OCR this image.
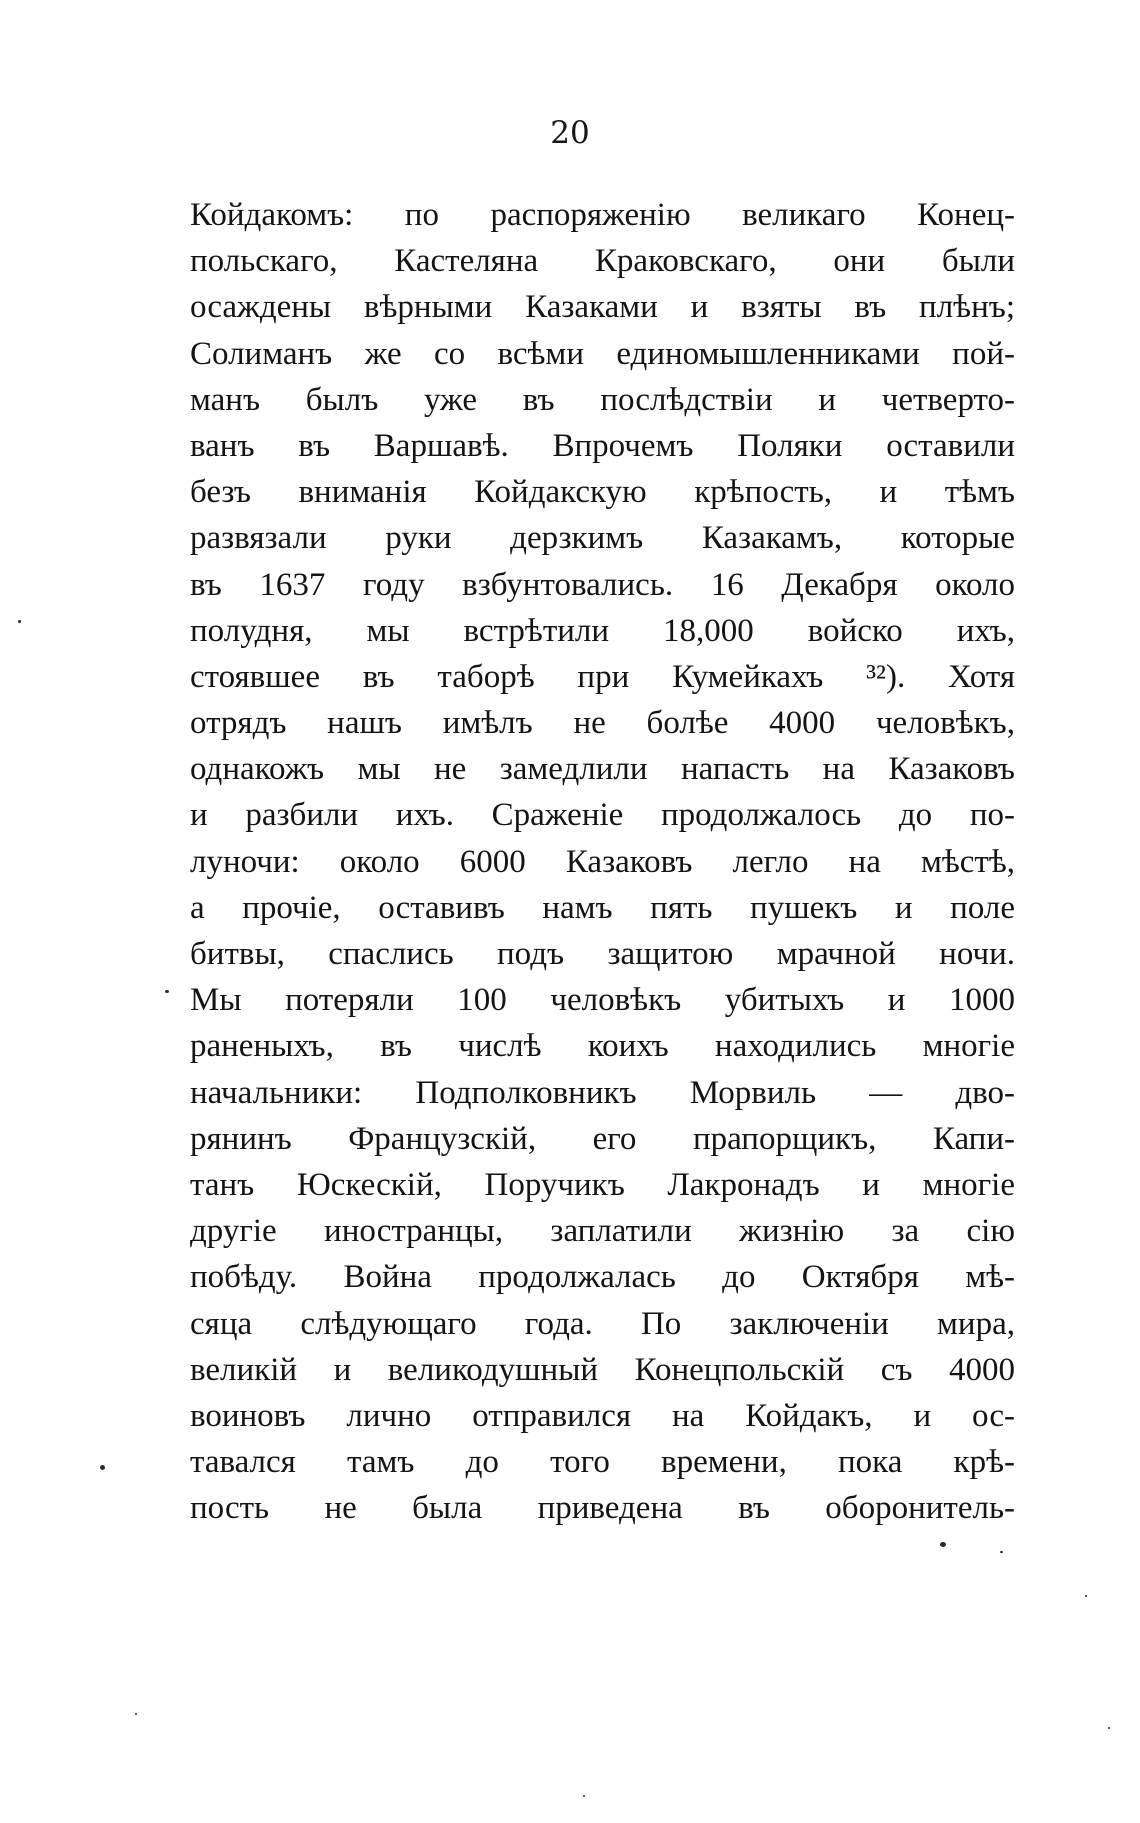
20
Койдакомъ: по распоряженію великаго Конец-
польскаго, Кастеляна Краковскаго, они были
осаждены вѣрными Казаками и взяты въ плѣнъ;
Солиманъ же со всѣми единомышленниками пой-
манъ былъ уже въ послѣдствіи и четверто-
ванъ въ Варшавѣ. Впрочемъ Поляки оставили
безъ вниманія Койдакскую крѣпость, и тѣмъ
развязали руки дерзкимъ Казакамъ, которые
въ 1637 году взбунтовались. 16 Декабря около
полудня, мы встрѣтили 18,000 войско ихъ,
стоявшее въ таборѣ при Кумейкахъ ³²). Хотя
отрядъ нашъ имѣлъ не болѣе 4000 человѣкъ,
однакожъ мы не замедлили напасть на Казаковъ
и разбили ихъ. Сраженіе продолжалось до по-
луночи: около 6000 Казаковъ легло на мѣстѣ,
а прочіе, оставивъ намъ пять пушекъ и поле
битвы, спаслись подъ защитою мрачной ночи.
Мы потеряли 100 человѣкъ убитыхъ и 1000
раненыхъ, въ числѣ коихъ находились многіе
начальники: Подполковникъ Морвиль — дво-
рянинъ Французскій, его прапорщикъ, Капи-
танъ Юскескій, Поручикъ Лакронадъ и многіе
другіе иностранцы, заплатили жизнію за сію
побѣду. Война продолжалась до Октября мѣ-
сяца слѣдующаго года. По заключеніи мира,
великій и великодушный Конецпольскій съ 4000
воиновъ лично отправился на Койдакъ, и ос-
тавался тамъ до того времени, пока крѣ-
пость не была приведена въ оборонитель-
